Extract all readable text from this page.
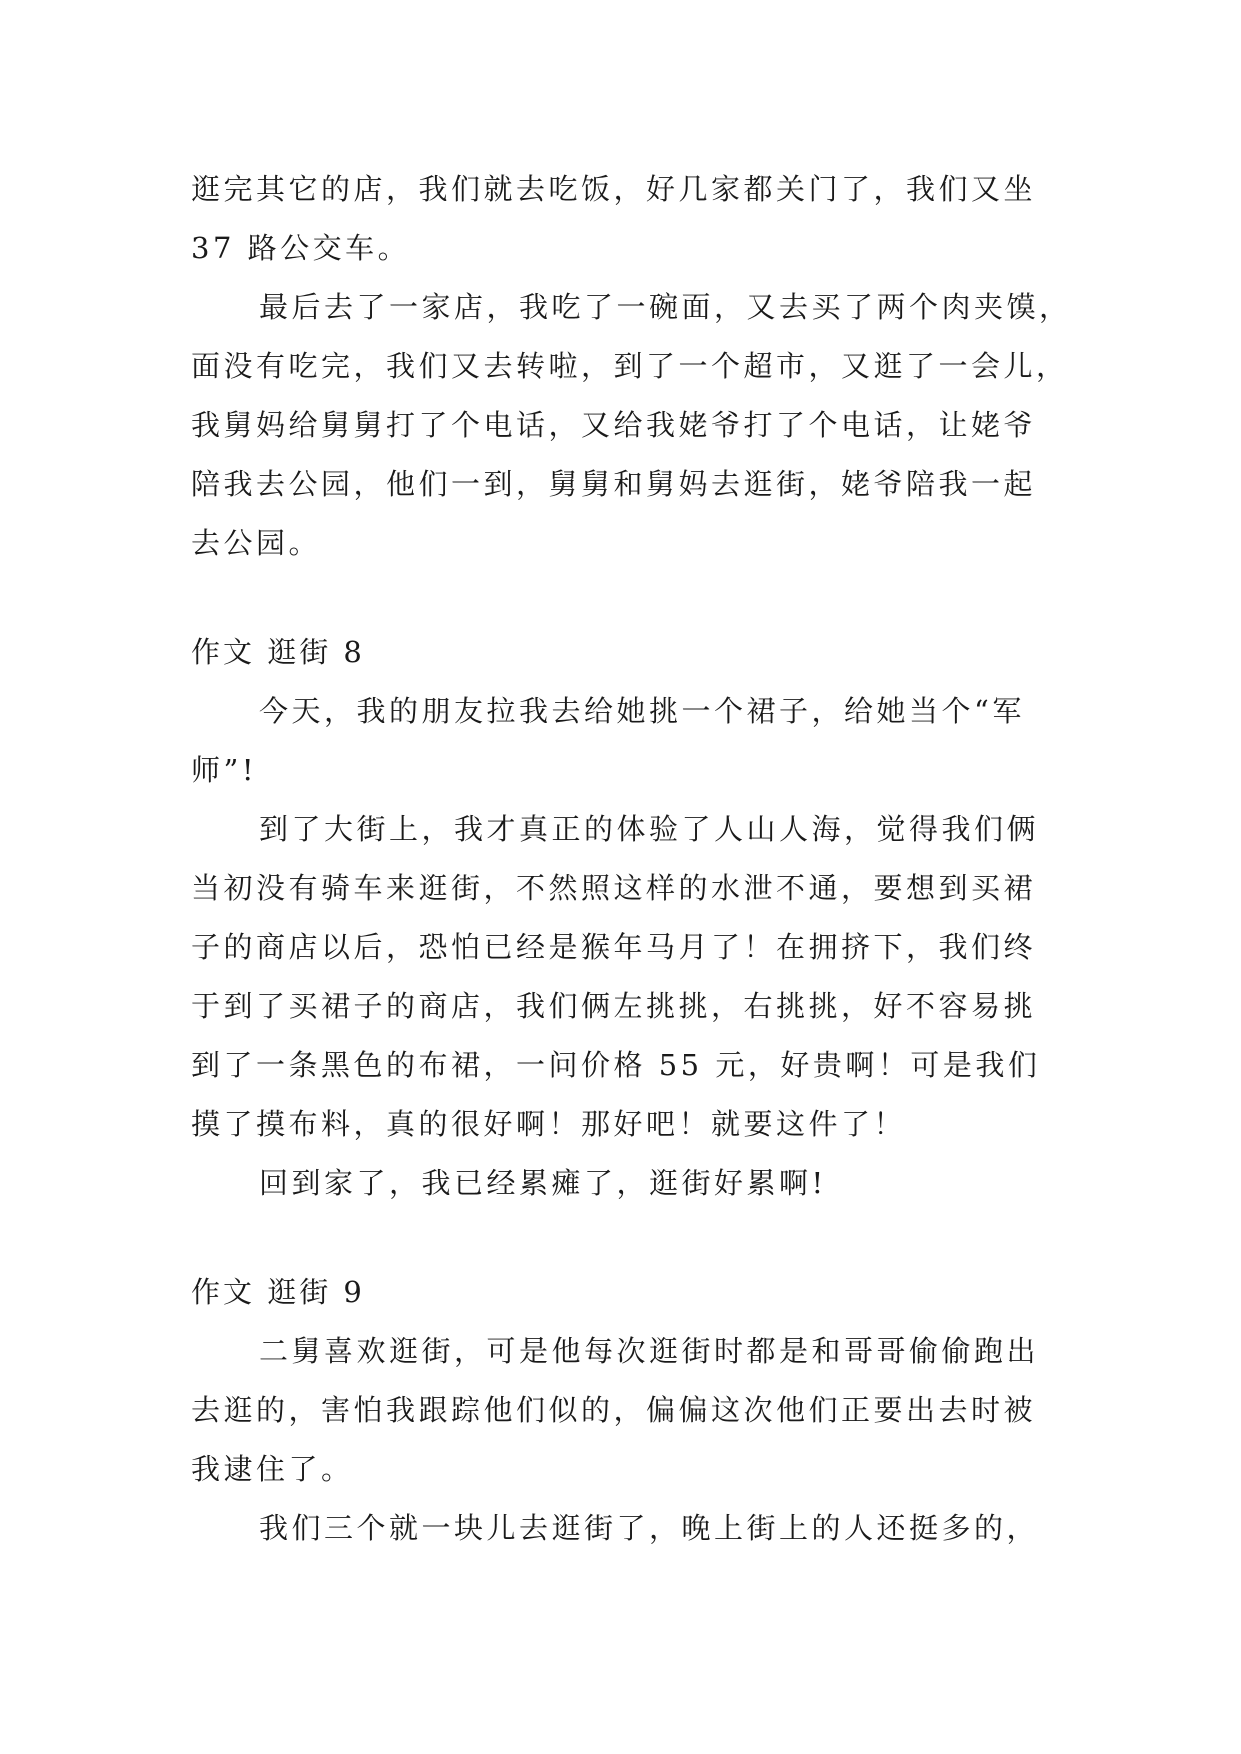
逛完其它的店，我们就去吃饭，好几家都关门了，我们又坐
37 路公交车。
最后去了一家店，我吃了一碗面，又去买了两个肉夹馍，
面没有吃完，我们又去转啦，到了一个超市，又逛了一会儿，
我舅妈给舅舅打了个电话，又给我姥爷打了个电话，让姥爷
陪我去公园，他们一到，舅舅和舅妈去逛街，姥爷陪我一起
去公园。
作文 逛街 8
今天，我的朋友拉我去给她挑一个裙子，给她当个“军
师”!
到了大街上，我才真正的体验了人山人海，觉得我们俩
当初没有骑车来逛街，不然照这样的水泄不通，要想到买裙
子的商店以后，恐怕已经是猴年马月了！在拥挤下，我们终
于到了买裙子的商店，我们俩左挑挑，右挑挑，好不容易挑
到了一条黑色的布裙，一问价格 55 元，好贵啊！可是我们
摸了摸布料，真的很好啊！那好吧！就要这件了！
回到家了，我已经累瘫了，逛街好累啊!
作文 逛街 9
二舅喜欢逛街，可是他每次逛街时都是和哥哥偷偷跑出
去逛的，害怕我跟踪他们似的，偏偏这次他们正要出去时被
我逮住了。
我们三个就一块儿去逛街了，晚上街上的人还挺多的，
